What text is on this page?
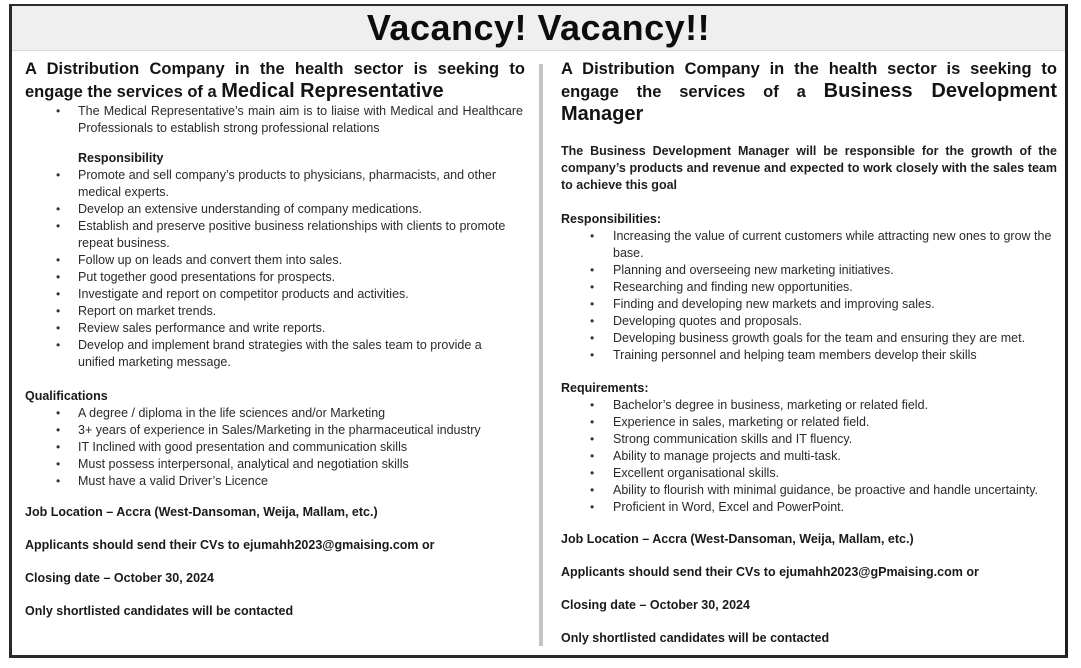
Vacancy! Vacancy!!

A Distribution Company in the health sector is seeking to engage the services of a Medical Representative

• The Medical Representative’s main aim is to liaise with Medical and Healthcare Professionals to establish strong professional relations
Responsibility
• Promote and sell company’s products to physicians, pharmacists, and other medical experts.
• Develop an extensive understanding of company medications.
• Establish and preserve positive business relationships with clients to promote repeat business.
• Follow up on leads and convert them into sales.
• Put together good presentations for prospects.
• Investigate and report on competitor products and activities.
• Report on market trends.
• Review sales performance and write reports.
• Develop and implement brand strategies with the sales team to provide a unified marketing message.
Qualifications
• A degree / diploma in the life sciences and/or Marketing
• 3+ years of experience in Sales/Marketing in the pharmaceutical industry
• IT Inclined with good presentation and communication skills
• Must possess interpersonal, analytical and negotiation skills
• Must have a valid Driver’s Licence
Job Location – Accra (West-Dansoman, Weija, Mallam, etc.)
Applicants should send their CVs to ejumahh2023@gmaising.com or
Closing date – October 30, 2024
Only shortlisted candidates will be contacted

A Distribution Company in the health sector is seeking to engage the services of a Business Development Manager

The Business Development Manager will be responsible for the growth of the company’s products and revenue and expected to work closely with the sales team to achieve this goal
Responsibilities:
• Increasing the value of current customers while attracting new ones to grow the base.
• Planning and overseeing new marketing initiatives.
• Researching and finding new opportunities.
• Finding and developing new markets and improving sales.
• Developing quotes and proposals.
• Developing business growth goals for the team and ensuring they are met.
• Training personnel and helping team members develop their skills
Requirements:
• Bachelor’s degree in business, marketing or related field.
• Experience in sales, marketing or related field.
• Strong communication skills and IT fluency.
• Ability to manage projects and multi-task.
• Excellent organisational skills.
• Ability to flourish with minimal guidance, be proactive and handle uncertainty.
• Proficient in Word, Excel and PowerPoint.
Job Location – Accra (West-Dansoman, Weija, Mallam, etc.)
Applicants should send their CVs to ejumahh2023@gPmaising.com or
Closing date – October 30, 2024
Only shortlisted candidates will be contacted
